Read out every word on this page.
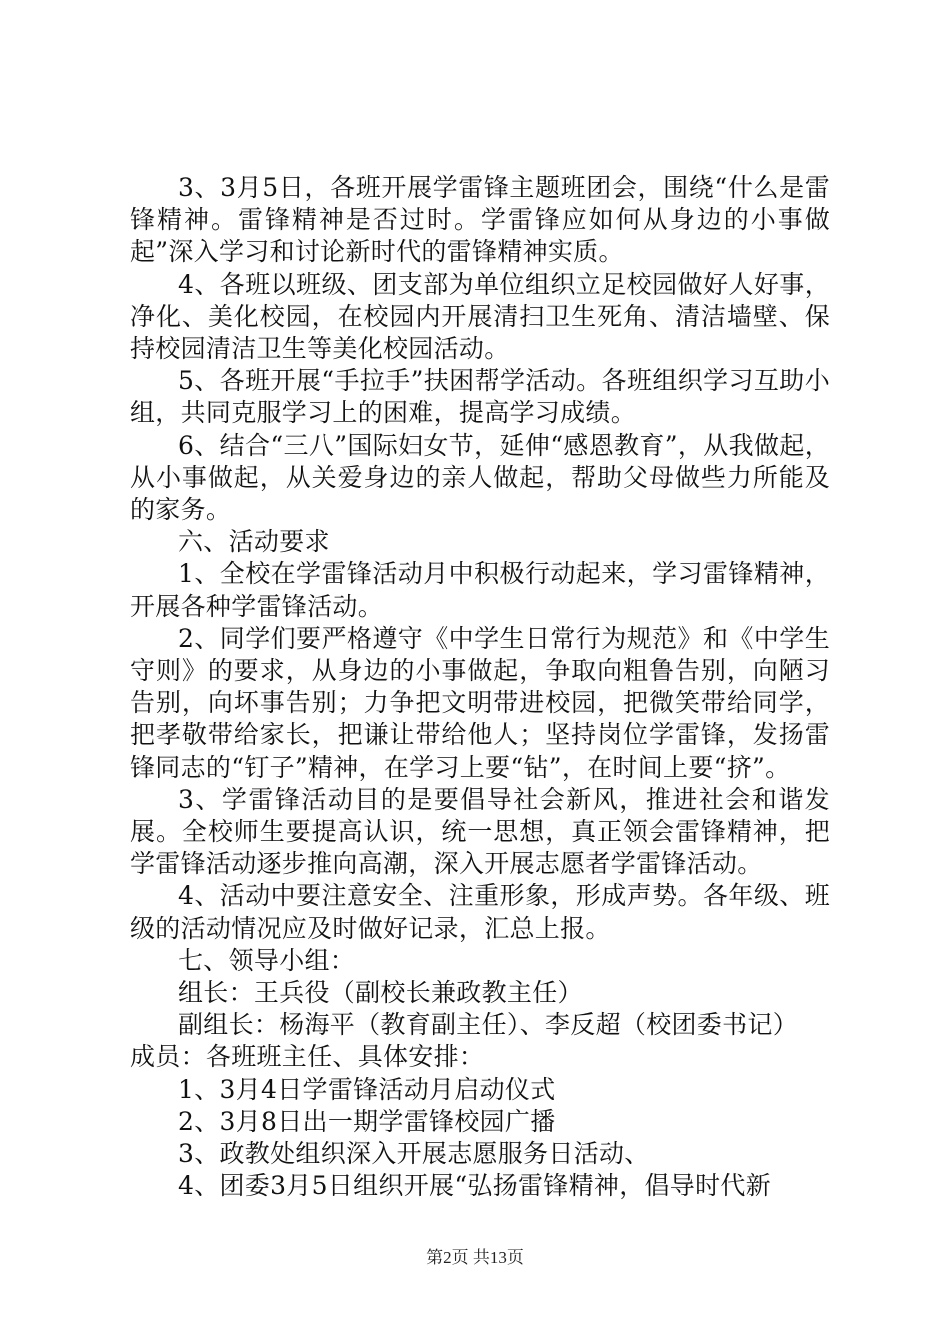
3、3月5日，各班开展学雷锋主题班团会，围绕“什么是雷锋精神。雷锋精神是否过时。学雷锋应如何从身边的小事做起”深入学习和讨论新时代的雷锋精神实质。

4、各班以班级、团支部为单位组织立足校园做好人好事，净化、美化校园，在校园内开展清扫卫生死角、清洁墙壁、保持校园清洁卫生等美化校园活动。

5、各班开展“手拉手”扶困帮学活动。各班组织学习互助小组，共同克服学习上的困难，提高学习成绩。

6、结合“三八”国际妇女节，延伸“感恩教育”，从我做起，从小事做起，从关爱身边的亲人做起，帮助父母做些力所能及的家务。

六、活动要求

1、全校在学雷锋活动月中积极行动起来，学习雷锋精神，开展各种学雷锋活动。

2、同学们要严格遵守《中学生日常行为规范》和《中学生守则》的要求，从身边的小事做起，争取向粗鲁告别，向陋习告别，向坏事告别；力争把文明带进校园，把微笑带给同学，把孝敬带给家长，把谦让带给他人；坚持岗位学雷锋，发扬雷锋同志的“钉子”精神，在学习上要“钻”，在时间上要“挤”。

3、学雷锋活动目的是要倡导社会新风，推进社会和谐发展。全校师生要提高认识，统一思想，真正领会雷锋精神，把学雷锋活动逐步推向高潮，深入开展志愿者学雷锋活动。

4、活动中要注意安全、注重形象，形成声势。各年级、班级的活动情况应及时做好记录，汇总上报。

七、领导小组：

组长：王兵役（副校长兼政教主任）

副组长：杨海平（教育副主任）、李反超（校团委书记）

成员：各班班主任、具体安排：

1、3月4日学雷锋活动月启动仪式

2、3月8日出一期学雷锋校园广播

3、政教处组织深入开展志愿服务日活动、

4、团委3月5日组织开展“弘扬雷锋精神，倡导时代新

第2页 共13页
